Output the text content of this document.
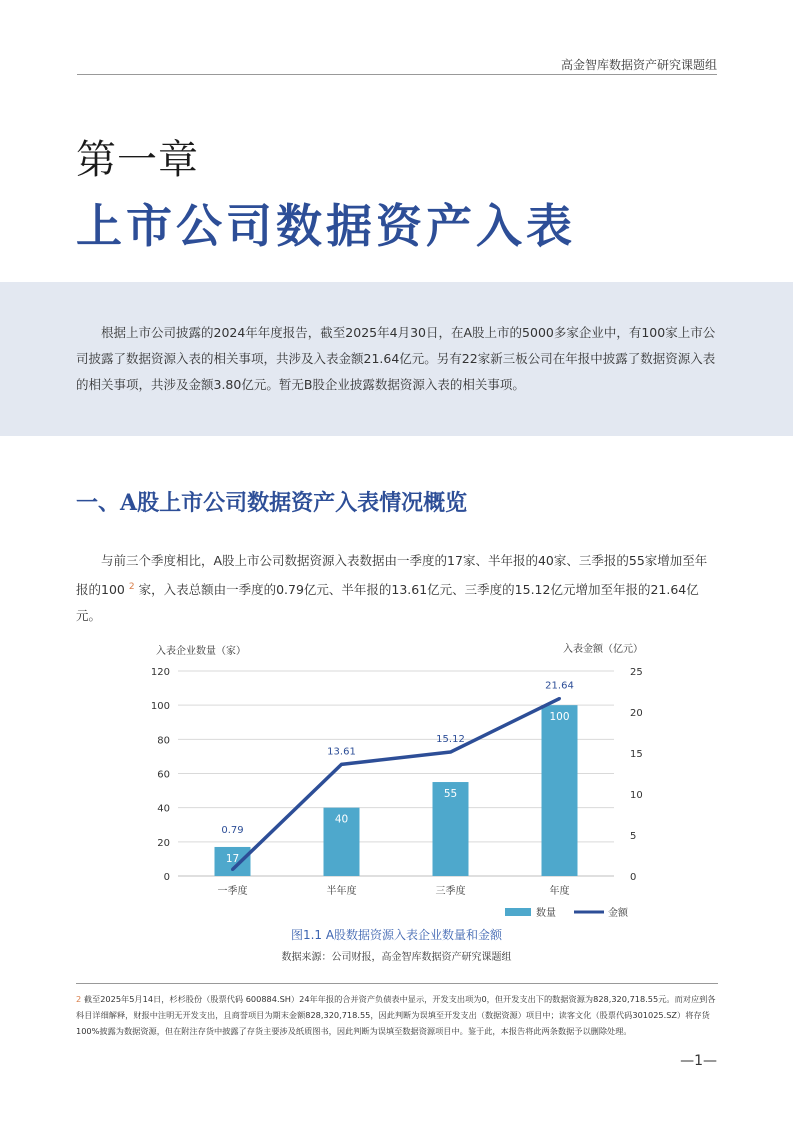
高金智库数据资产研究课题组
第一章
上市公司数据资产入表

根据上市公司披露的2024年年度报告，截至2025年4月30日，在A股上市的5000多家企业中，有100家上市公司披露了数据资源入表的相关事项，共涉及入表金额21.64亿元。另有22家新三板公司在年报中披露了数据资源入表的相关事项，共涉及金额3.80亿元。暂无B股企业披露数据资源入表的相关事项。

一、A股上市公司数据资产入表情况概览

与前三个季度相比，A股上市公司数据资源入表数据由一季度的17家、半年报的40家、三季报的55家增加至年报的100 $^2$ 家，入表总额由一季度的0.79亿元、半年报的13.61亿元、三季度的15.12亿元增加至年报的21.64亿元。

0
20
40
60
80
100
120
0
5
10
15
20
25
入表企业数量（家）	入表金额（亿元）
17
40
55
100
一季度	半年度	三季度	年度
0.79
13.61
15.12
21.64
数量	金额
图1.1 A股数据资源入表企业数量和金额
数据来源：公司财报，高金智库数据资产研究课题组
2 截至2025年5月14日，杉杉股份（股票代码 600884.SH）24年年报的合并资产负债表中显示，开发支出项为0，但开发支出下的数据资源为828,320,718.55元。而对应到各科目详细解释，财报中注明无开发支出，且商誉项目为期末金额828,320,718.55，因此判断为误填至开发支出（数据资源）项目中；读客文化（股票代码301025.SZ）将存货100%披露为数据资源，但在附注存货中披露了存货主要涉及纸质图书，因此判断为误填至数据资源项目中。鉴于此，本报告将此两条数据予以删除处理。
—1—
